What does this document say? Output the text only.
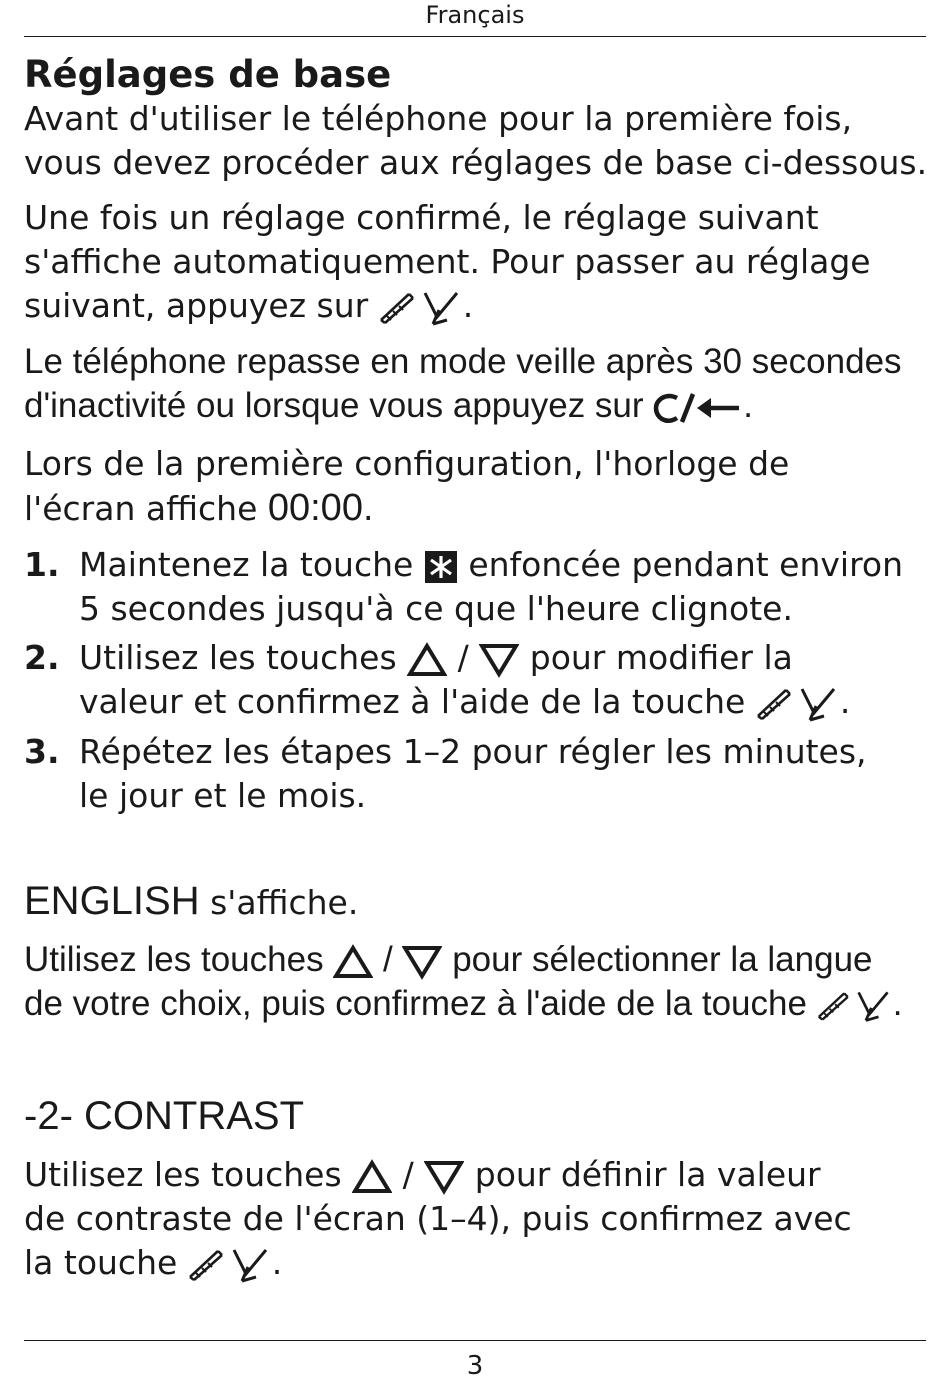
Français
Réglages de base
Avant d'utiliser le téléphone pour la première fois,
vous devez procéder aux réglages de base ci-dessous.
Une fois un réglage confirmé, le réglage suivant
s'affiche automatiquement. Pour passer au réglage
suivant, appuyez sur	.
Le téléphone repasse en mode veille après 30 secondes
d'inactivité ou lorsque vous appuyez sur	.
Lors de la première configuration, l'horloge de
l'écran affiche 00:00.
1. Maintenez la touche
enfoncée pendant environ
5 secondes jusqu'à ce que l'heure clignote.
2. Utilisez les touches
/
pour modifier la
valeur et confirmez à l'aide de la touche	.
3. Répétez les étapes 1–2 pour régler les minutes,
le jour et le mois.
ENGLISH s'affiche.
Utilisez les touches
/
pour sélectionner la langue
de votre choix, puis confirmez à l'aide de la touche
.
-2- CONTRAST
Utilisez les touches
/
pour définir la valeur
de contraste de l'écran (1–4), puis confirmez avec
la touche	.
3
